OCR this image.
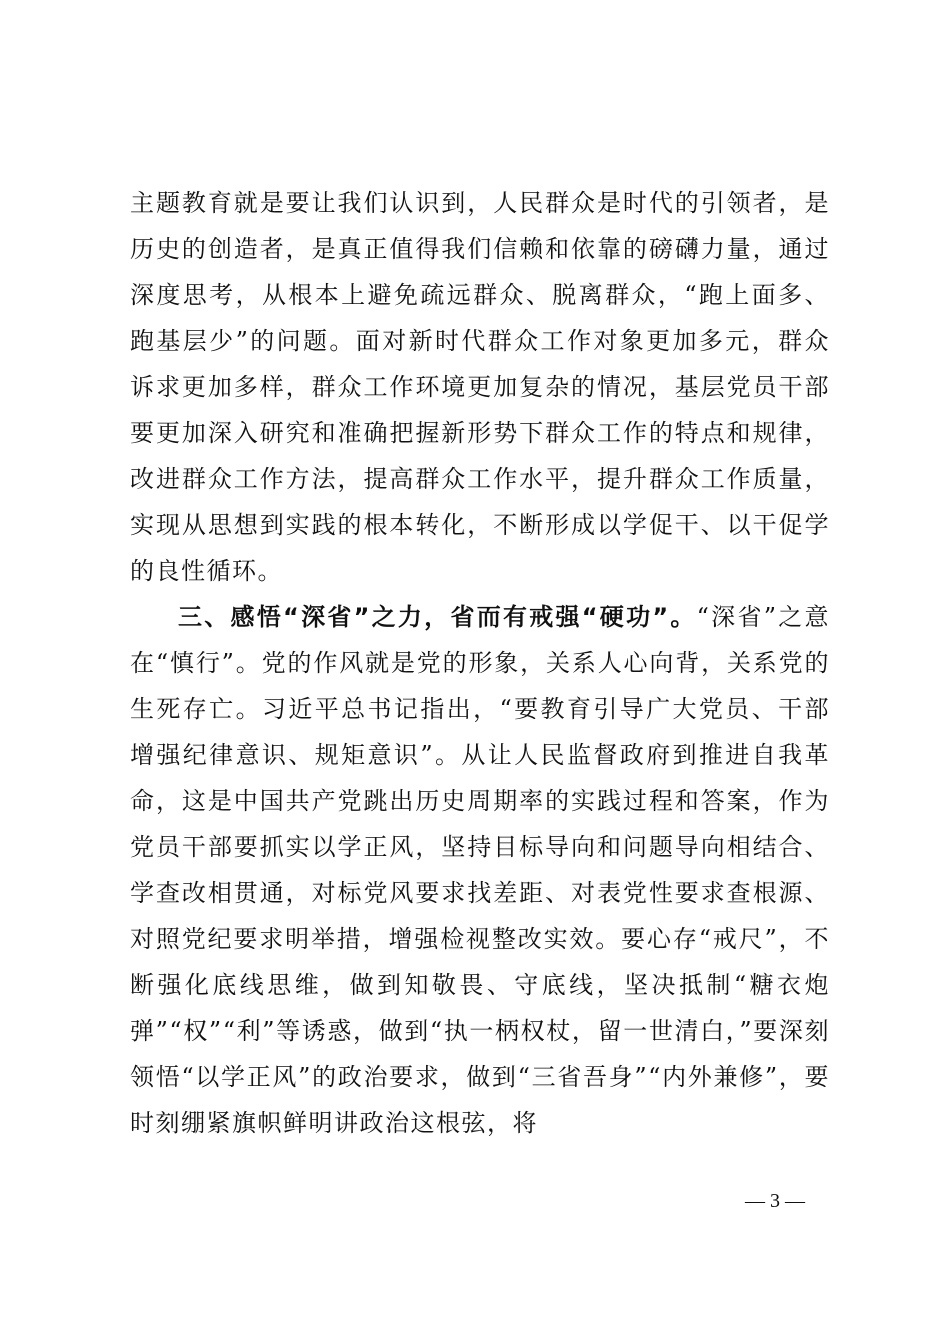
主题教育就是要让我们认识到，人民群众是时代的引领者，是历史的创造者，是真正值得我们信赖和依靠的磅礴力量，通过深度思考，从根本上避免疏远群众、脱离群众，“跑上面多、跑基层少”的问题。面对新时代群众工作对象更加多元，群众诉求更加多样，群众工作环境更加复杂的情况，基层党员干部要更加深入研究和准确把握新形势下群众工作的特点和规律，改进群众工作方法，提高群众工作水平，提升群众工作质量，实现从思想到实践的根本转化，不断形成以学促干、以干促学的良性循环。

三、感悟“深省”之力，省而有戒强“硬功”。“深省”之意在“慎行”。党的作风就是党的形象，关系人心向背，关系党的生死存亡。习近平总书记指出，“要教育引导广大党员、干部增强纪律意识、规矩意识”。从让人民监督政府到推进自我革命，这是中国共产党跳出历史周期率的实践过程和答案，作为党员干部要抓实以学正风，坚持目标导向和问题导向相结合、学查改相贯通，对标党风要求找差距、对表党性要求查根源、对照党纪要求明举措，增强检视整改实效。要心存“戒尺”，不断强化底线思维，做到知敬畏、守底线，坚决抵制“糖衣炮弹”“权”“利”等诱惑，做到“执一柄权杖，留一世清白，”要深刻领悟“以学正风”的政治要求，做到“三省吾身”“内外兼修”，要时刻绷紧旗帜鲜明讲政治这根弦，将

— 3 —
